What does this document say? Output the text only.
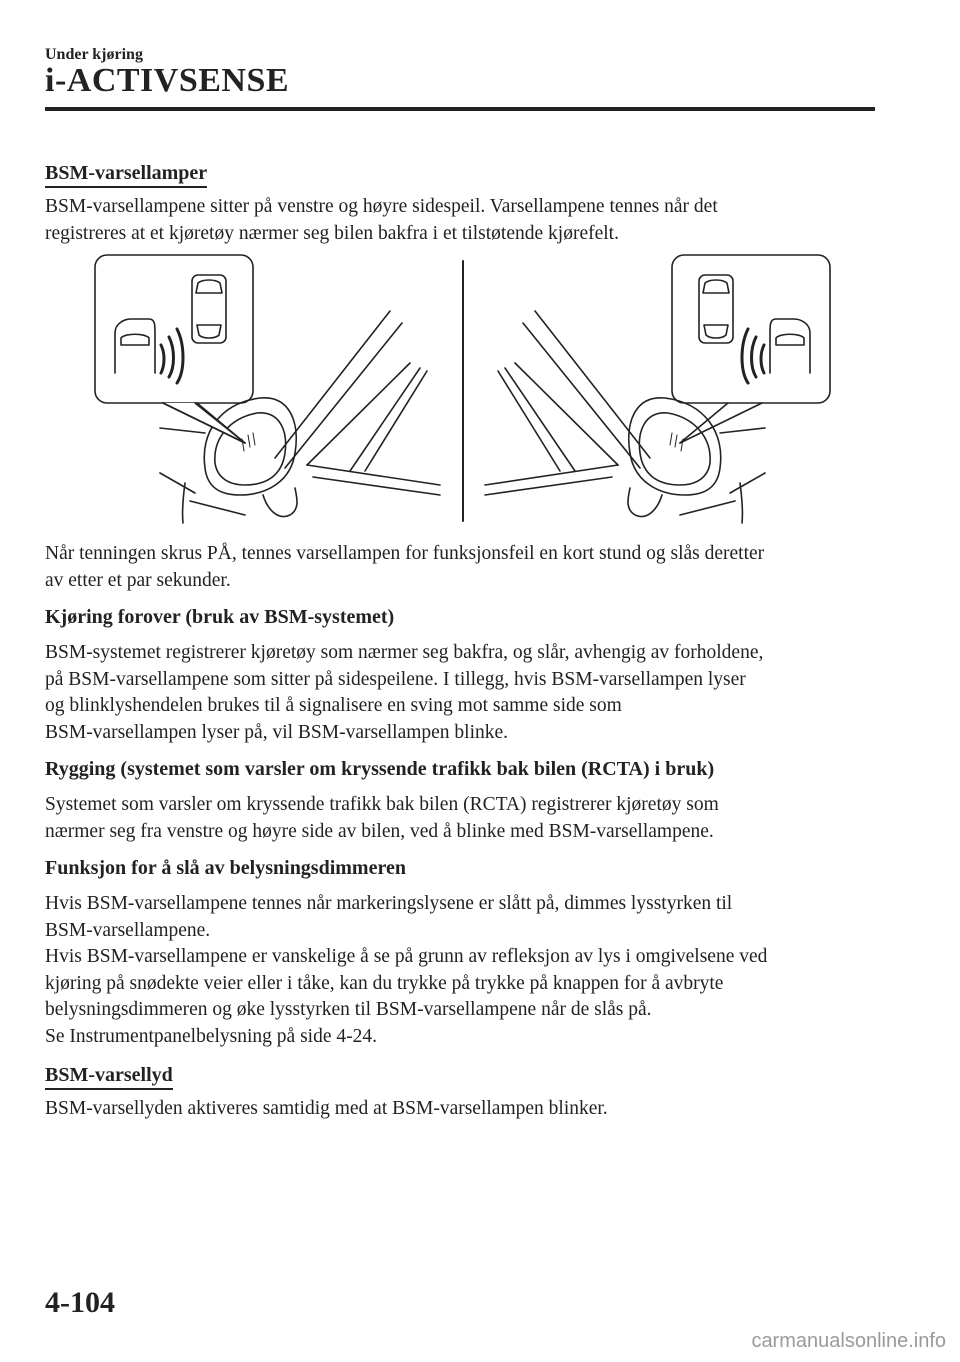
Under kjøring
i-ACTIVSENSE
BSM-varsellamper

BSM-varsellampene sitter på venstre og høyre sidespeil. Varsellampene tennes når det

registreres at et kjøretøy nærmer seg bilen bakfra i et tilstøtende kjørefelt.

Når tenningen skrus PÅ, tennes varsellampen for funksjonsfeil en kort stund og slås deretter

av etter et par sekunder.

Kjøring forover (bruk av BSM-systemet)

BSM-systemet registrerer kjøretøy som nærmer seg bakfra, og slår, avhengig av forholdene,

på BSM-varsellampene som sitter på sidespeilene. I tillegg, hvis BSM-varsellampen lyser

og blinklyshendelen brukes til å signalisere en sving mot samme side som

BSM-varsellampen lyser på, vil BSM-varsellampen blinke.

Rygging (systemet som varsler om kryssende trafikk bak bilen (RCTA) i bruk)

Systemet som varsler om kryssende trafikk bak bilen (RCTA) registrerer kjøretøy som

nærmer seg fra venstre og høyre side av bilen, ved å blinke med BSM-varsellampene.

Funksjon for å slå av belysningsdimmeren

Hvis BSM-varsellampene tennes når markeringslysene er slått på, dimmes lysstyrken til

BSM-varsellampene.

Hvis BSM-varsellampene er vanskelige å se på grunn av refleksjon av lys i omgivelsene ved

kjøring på snødekte veier eller i tåke, kan du trykke på trykke på knappen for å avbryte

belysningsdimmeren og øke lysstyrken til BSM-varsellampene når de slås på.

Se Instrumentpanelbelysning på side 4-24.

BSM-varsellyd

BSM-varsellyden aktiveres samtidig med at BSM-varsellampen blinker.

4-104
carmanualsonline.info
